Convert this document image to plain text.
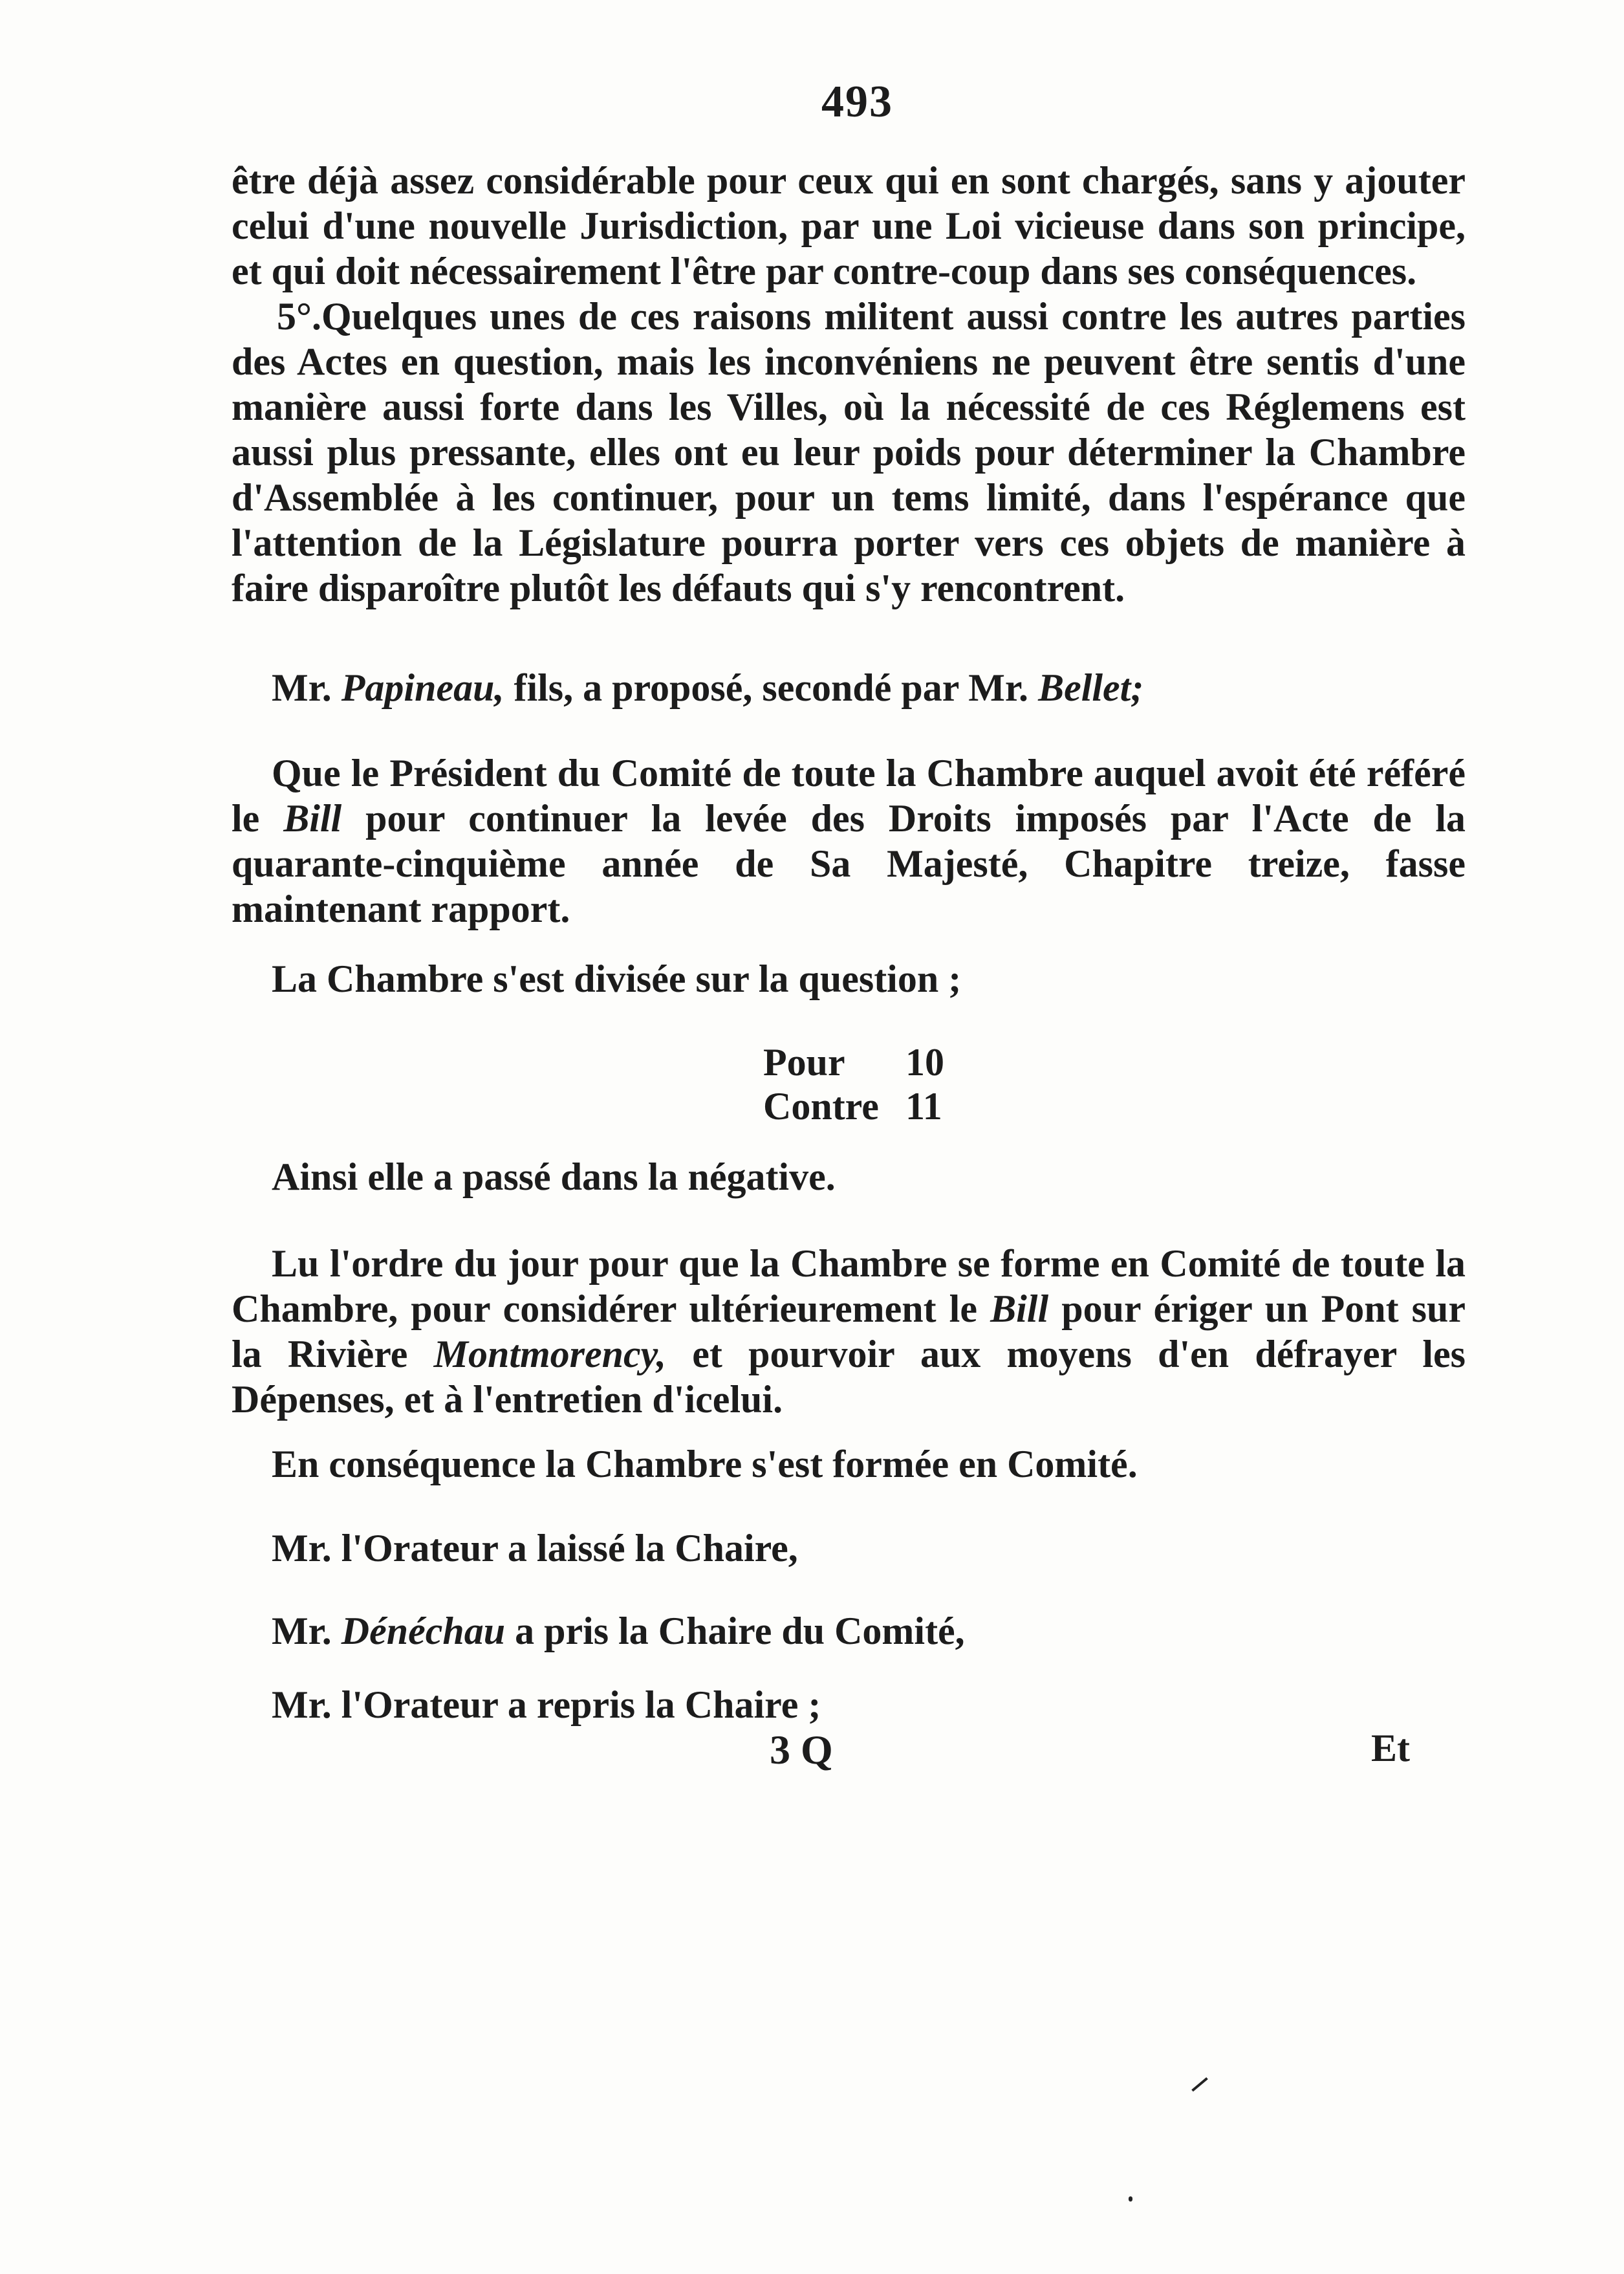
493

être déjà assez considérable pour ceux qui en sont chargés, sans y ajouter celui d'une nouvelle Jurisdiction, par une Loi vicieuse dans son principe, et qui doit nécessairement l'être par contre-coup dans ses conséquences.

5°.Quelques unes de ces raisons militent aussi contre les autres parties des Actes en question, mais les inconvéniens ne peuvent être sentis d'une manière aussi forte dans les Villes, où la nécessité de ces Réglemens est aussi plus pressante, elles ont eu leur poids pour déterminer la Chambre d'Assemblée à les continuer, pour un tems limité, dans l'espérance que l'attention de la Législature pourra porter vers ces objets de manière à faire disparoître plutôt les défauts qui s'y rencontrent.

Mr. Papineau, fils, a proposé, secondé par Mr. Bellet;
Que le Président du Comité de toute la Chambre auquel avoit été référé le Bill pour continuer la levée des Droits imposés par l'Acte de la quarante-cinquième année de Sa Majesté, Chapitre treize, fasse maintenant rapport.
La Chambre s'est divisée sur la question ;
Pour 10
Contre 11
Ainsi elle a passé dans la négative.
Lu l'ordre du jour pour que la Chambre se forme en Comité de toute la Chambre, pour considérer ultérieurement le Bill pour ériger un Pont sur la Rivière Montmorency, et pourvoir aux moyens d'en défrayer les Dépenses, et à l'entretien d'icelui.
En conséquence la Chambre s'est formée en Comité.
Mr. l'Orateur a laissé la Chaire,
Mr. Dénéchau a pris la Chaire du Comité,
Mr. l'Orateur a repris la Chaire ;
3 Q	Et
